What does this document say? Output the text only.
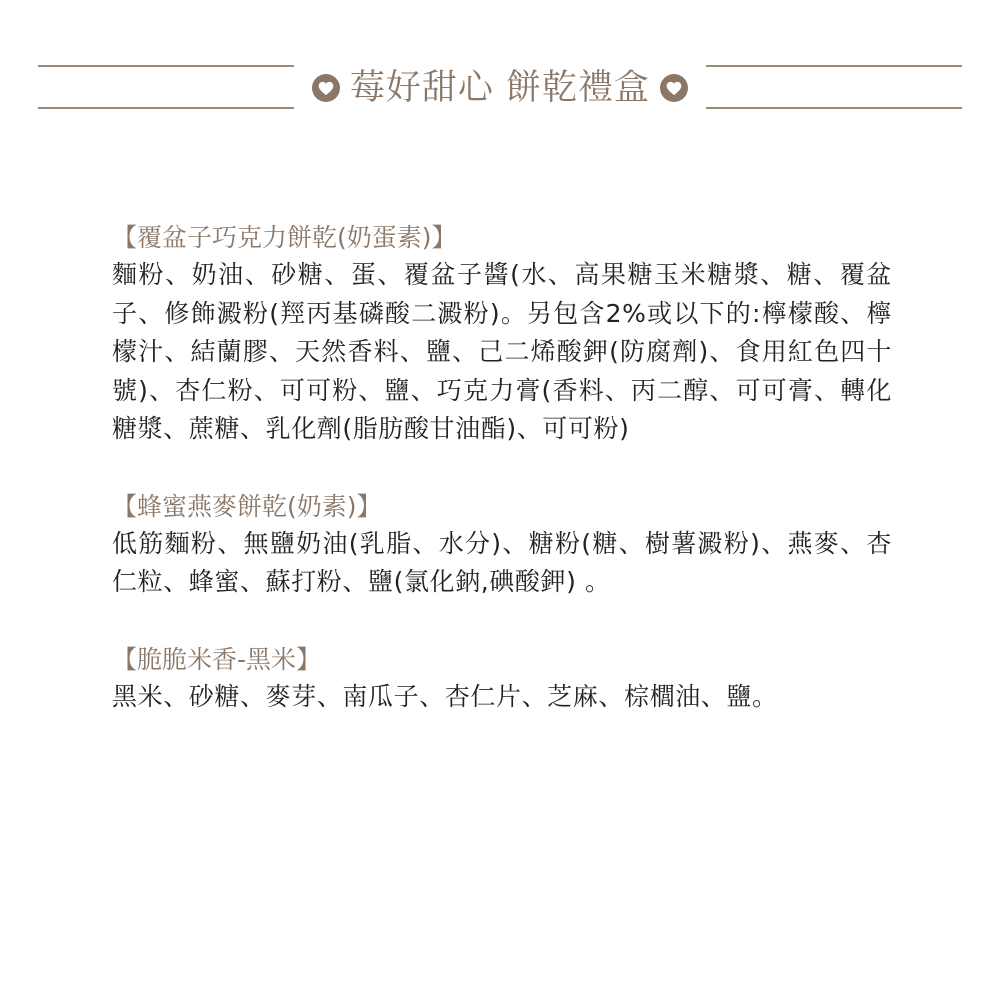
莓好甜心 餅乾禮盒
【覆盆子巧克力餅乾(奶蛋素)】
麵粉、奶油、砂糖、蛋、覆盆子醬(水、高果糖玉米糖漿、糖、覆盆子、修飾澱粉(羥丙基磷酸二澱粉)。另包含2%或以下的:檸檬酸、檸檬汁、結蘭膠、天然香料、鹽、己二烯酸鉀(防腐劑)、食用紅色四十號)、杏仁粉、可可粉、鹽、巧克力膏(香料、丙二醇、可可膏、轉化糖漿、蔗糖、乳化劑(脂肪酸甘油酯)、可可粉)
【蜂蜜燕麥餅乾(奶素)】
低筋麵粉、無鹽奶油(乳脂、水分)、糖粉(糖、樹薯澱粉)、燕麥、杏仁粒、蜂蜜、蘇打粉、鹽(氯化鈉,碘酸鉀) 。
【脆脆米香-黑米】
黑米、砂糖、麥芽、南瓜子、杏仁片、芝麻、棕櫚油、鹽。
